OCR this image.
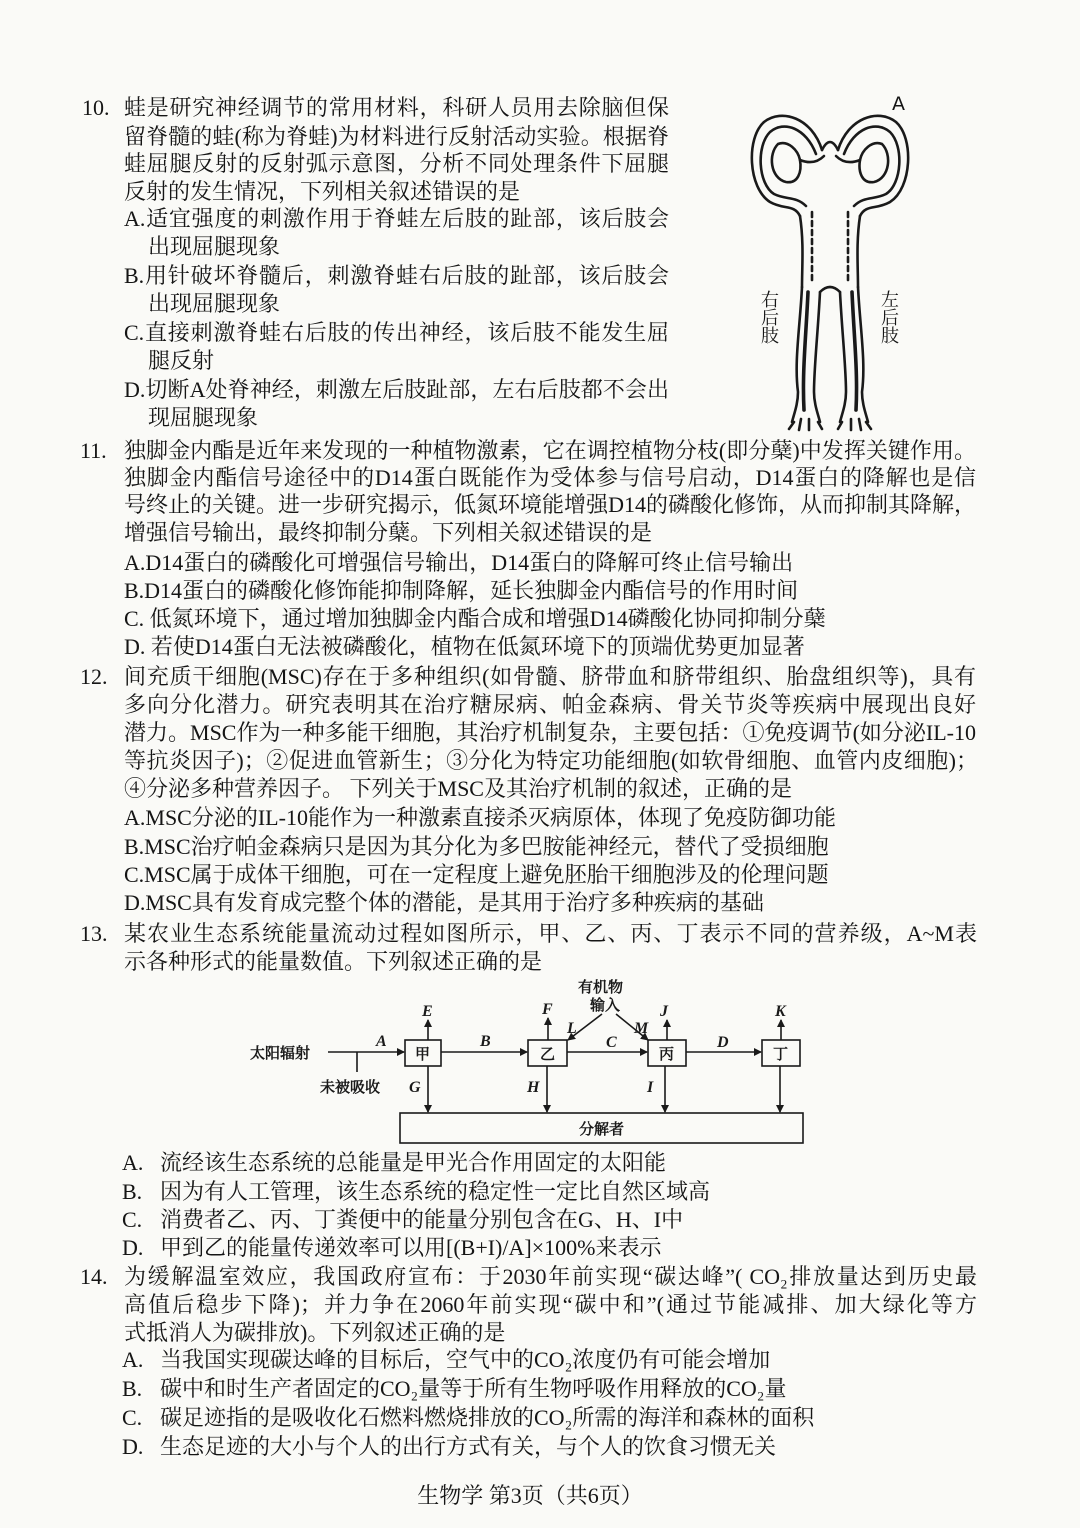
10. 蛙是研究神经调节的常用材料，科研人员用去除脑但保
留脊髓的蛙(称为脊蛙)为材料进行反射活动实验。根据脊
蛙屈腿反射的反射弧示意图，分析不同处理条件下屈腿
反射的发生情况，下列相关叙述错误的是
A.适宜强度的刺激作用于脊蛙左后肢的趾部，该后肢会
出现屈腿现象
B.用针破坏脊髓后，刺激脊蛙右后肢的趾部，该后肢会
出现屈腿现象
C.直接刺激脊蛙右后肢的传出神经，该后肢不能发生屈
腿反射
D.切断A处脊神经，刺激左后肢趾部，左右后肢都不会出
现屈腿现象
A
右后肢	左后肢
11. 独脚金内酯是近年来发现的一种植物激素，它在调控植物分枝(即分蘖)中发挥关键作用。
独脚金内酯信号途径中的D14蛋白既能作为受体参与信号启动，D14蛋白的降解也是信
号终止的关键。进一步研究揭示，低氮环境能增强D14的磷酸化修饰，从而抑制其降解，
增强信号输出，最终抑制分蘖。下列相关叙述错误的是
A.D14蛋白的磷酸化可增强信号输出，D14蛋白的降解可终止信号输出
B.D14蛋白的磷酸化修饰能抑制降解，延长独脚金内酯信号的作用时间
C. 低氮环境下，通过增加独脚金内酯合成和增强D14磷酸化协同抑制分蘖
D. 若使D14蛋白无法被磷酸化，植物在低氮环境下的顶端优势更加显著
12. 间充质干细胞(MSC)存在于多种组织(如骨髓、脐带血和脐带组织、胎盘组织等)，具有
多向分化潜力。研究表明其在治疗糖尿病、帕金森病、骨关节炎等疾病中展现出良好
潜力。MSC作为一种多能干细胞，其治疗机制复杂，主要包括：①免疫调节(如分泌IL-10
等抗炎因子)；②促进血管新生；③分化为特定功能细胞(如软骨细胞、血管内皮细胞)；
④分泌多种营养因子。 下列关于MSC及其治疗机制的叙述，正确的是
A.MSC分泌的IL-10能作为一种激素直接杀灭病原体，体现了免疫防御功能
B.MSC治疗帕金森病只是因为其分化为多巴胺能神经元，替代了受损细胞
C.MSC属于成体干细胞，可在一定程度上避免胚胎干细胞涉及的伦理问题
D.MSC具有发育成完整个体的潜能，是其用于治疗多种疾病的基础
13. 某农业生态系统能量流动过程如图所示，甲、乙、丙、丁表示不同的营养级，A~M表
示各种形式的能量数值。下列叙述正确的是
太阳辐射
未被吸收
有机物
输入
甲	乙	丙	丁
分解者
A	B	C	D
E	F
G	H	I
J	K
L	M
A. 流经该生态系统的总能量是甲光合作用固定的太阳能
B. 因为有人工管理，该生态系统的稳定性一定比自然区域高
C. 消费者乙、丙、丁粪便中的能量分别包含在G、H、I中
D. 甲到乙的能量传递效率可以用[(B+I)/A]×100%来表示
14. 为缓解温室效应，我国政府宣布：于2030年前实现“碳达峰”( CO₂排放量达到历史最
高值后稳步下降)；并力争在2060年前实现“碳中和”(通过节能减排、加大绿化等方
式抵消人为碳排放)。下列叙述正确的是
A. 当我国实现碳达峰的目标后，空气中的CO₂浓度仍有可能会增加
B. 碳中和时生产者固定的CO₂量等于所有生物呼吸作用释放的CO₂量
C. 碳足迹指的是吸收化石燃料燃烧排放的CO₂所需的海洋和森林的面积
D. 生态足迹的大小与个人的出行方式有关，与个人的饮食习惯无关
生物学 第3页（共6页）
